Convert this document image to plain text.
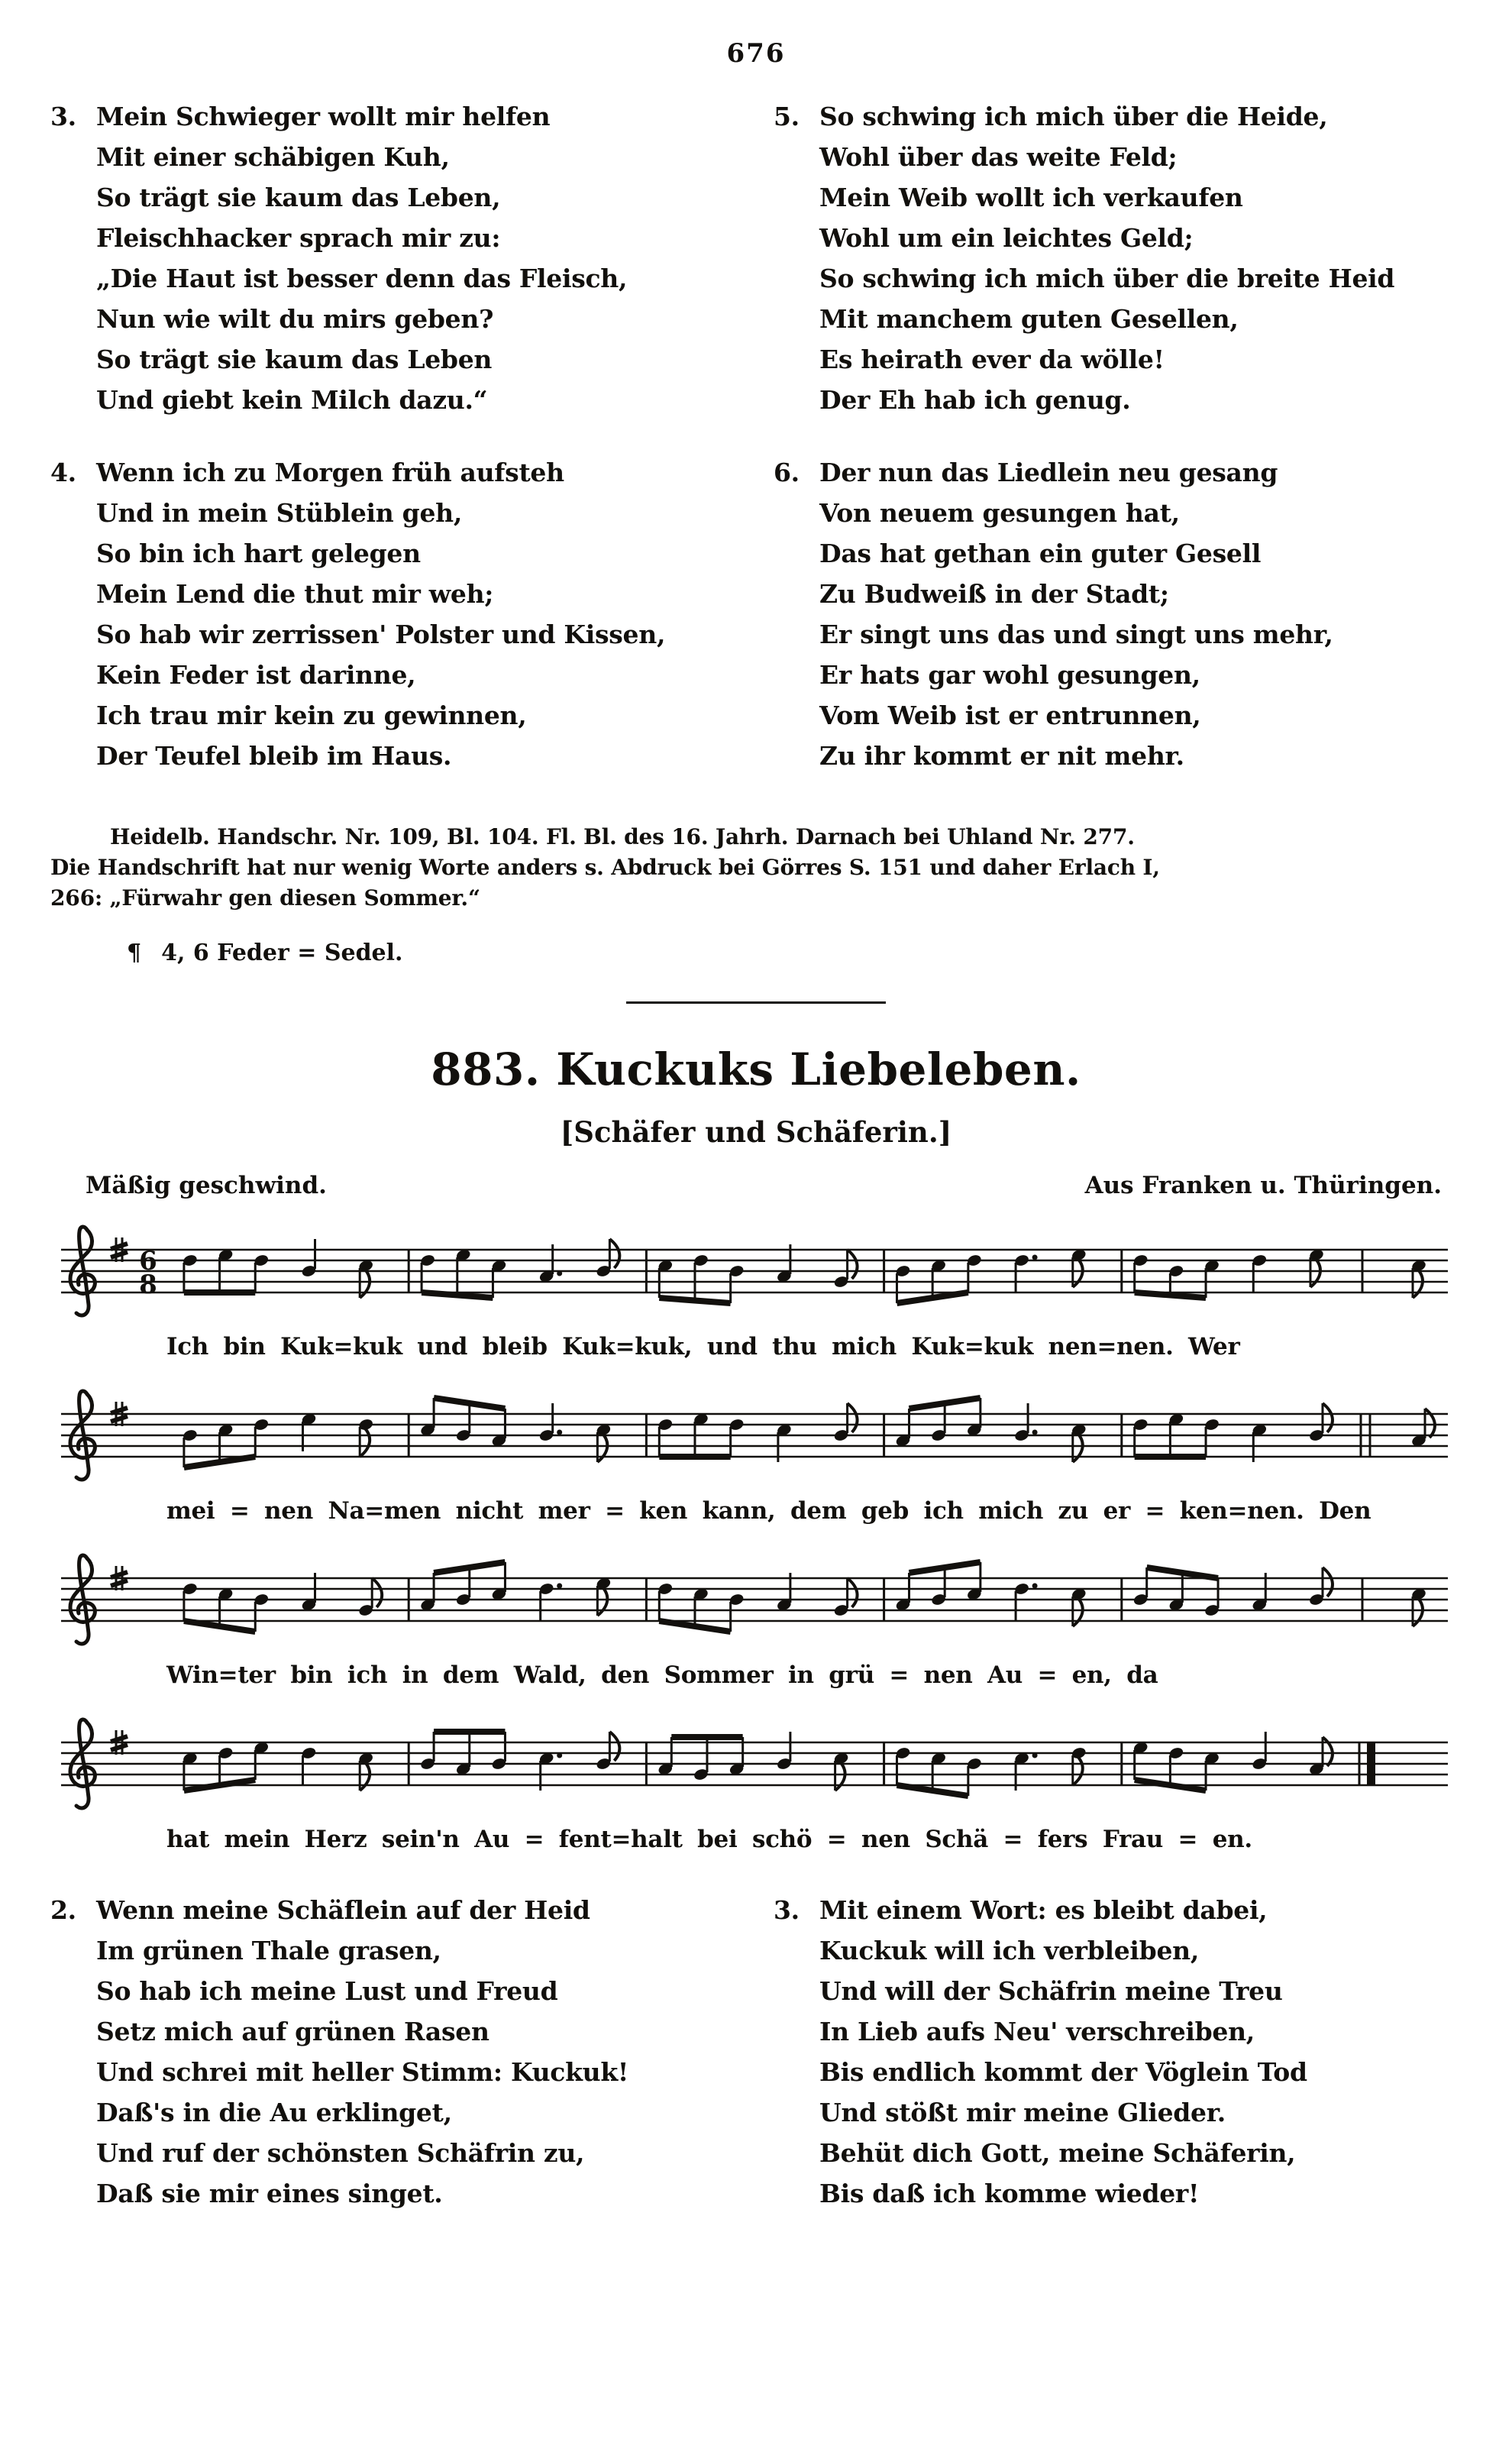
676
3. Mein Schwieger wollt mir helfen
Mit einer schäbigen Kuh,
So trägt sie kaum das Leben,
Fleischhacker sprach mir zu:
„Die Haut ist besser denn das Fleisch,
Nun wie wilt du mirs geben?
So trägt sie kaum das Leben
Und giebt kein Milch dazu.“
4. Wenn ich zu Morgen früh aufsteh
Und in mein Stüblein geh,
So bin ich hart gelegen
Mein Lend die thut mir weh;
So hab wir zerrissen' Polster und Kissen,
Kein Feder ist darinne,
Ich trau mir kein zu gewinnen,
Der Teufel bleib im Haus.
5. So schwing ich mich über die Heide,
Wohl über das weite Feld;
Mein Weib wollt ich verkaufen
Wohl um ein leichtes Geld;
So schwing ich mich über die breite Heid
Mit manchem guten Gesellen,
Es heirath ever da wölle!
Der Eh hab ich genug.
6. Der nun das Liedlein neu gesang
Von neuem gesungen hat,
Das hat gethan ein guter Gesell
Zu Budweiß in der Stadt;
Er singt uns das und singt uns mehr,
Er hats gar wohl gesungen,
Vom Weib ist er entrunnen,
Zu ihr kommt er nit mehr.
Heidelb. Handschr. Nr. 109, Bl. 104. Fl. Bl. des 16. Jahrh. Darnach bei Uhland Nr. 277.
Die Handschrift hat nur wenig Worte anders s. Abdruck bei Görres S. 151 und daher Erlach I,
266: „Fürwahr gen diesen Sommer.“
¶ 4, 6 Feder = Sedel.
883. Kuckuks Liebeleben.
[Schäfer und Schäferin.]
Mäßig geschwind.	Aus Franken u. Thüringen.
6
8
Ich bin Kuk=kuk und bleib Kuk=kuk, und thu mich Kuk=kuk nen=nen. Wer
mei = nen Na=men nicht mer = ken kann, dem geb ich mich zu er = ken=nen. Den
Win=ter bin ich in dem Wald, den Sommer in grü = nen Au = en, da
hat mein Herz sein'n Au = fent=halt bei schö = nen Schä = fers Frau = en.
2. Wenn meine Schäflein auf der Heid
Im grünen Thale grasen,
So hab ich meine Lust und Freud
Setz mich auf grünen Rasen
Und schrei mit heller Stimm: Kuckuk!
Daß's in die Au erklinget,
Und ruf der schönsten Schäfrin zu,
Daß sie mir eines singet.
3. Mit einem Wort: es bleibt dabei,
Kuckuk will ich verbleiben,
Und will der Schäfrin meine Treu
In Lieb aufs Neu' verschreiben,
Bis endlich kommt der Vöglein Tod
Und stößt mir meine Glieder.
Behüt dich Gott, meine Schäferin,
Bis daß ich komme wieder!
